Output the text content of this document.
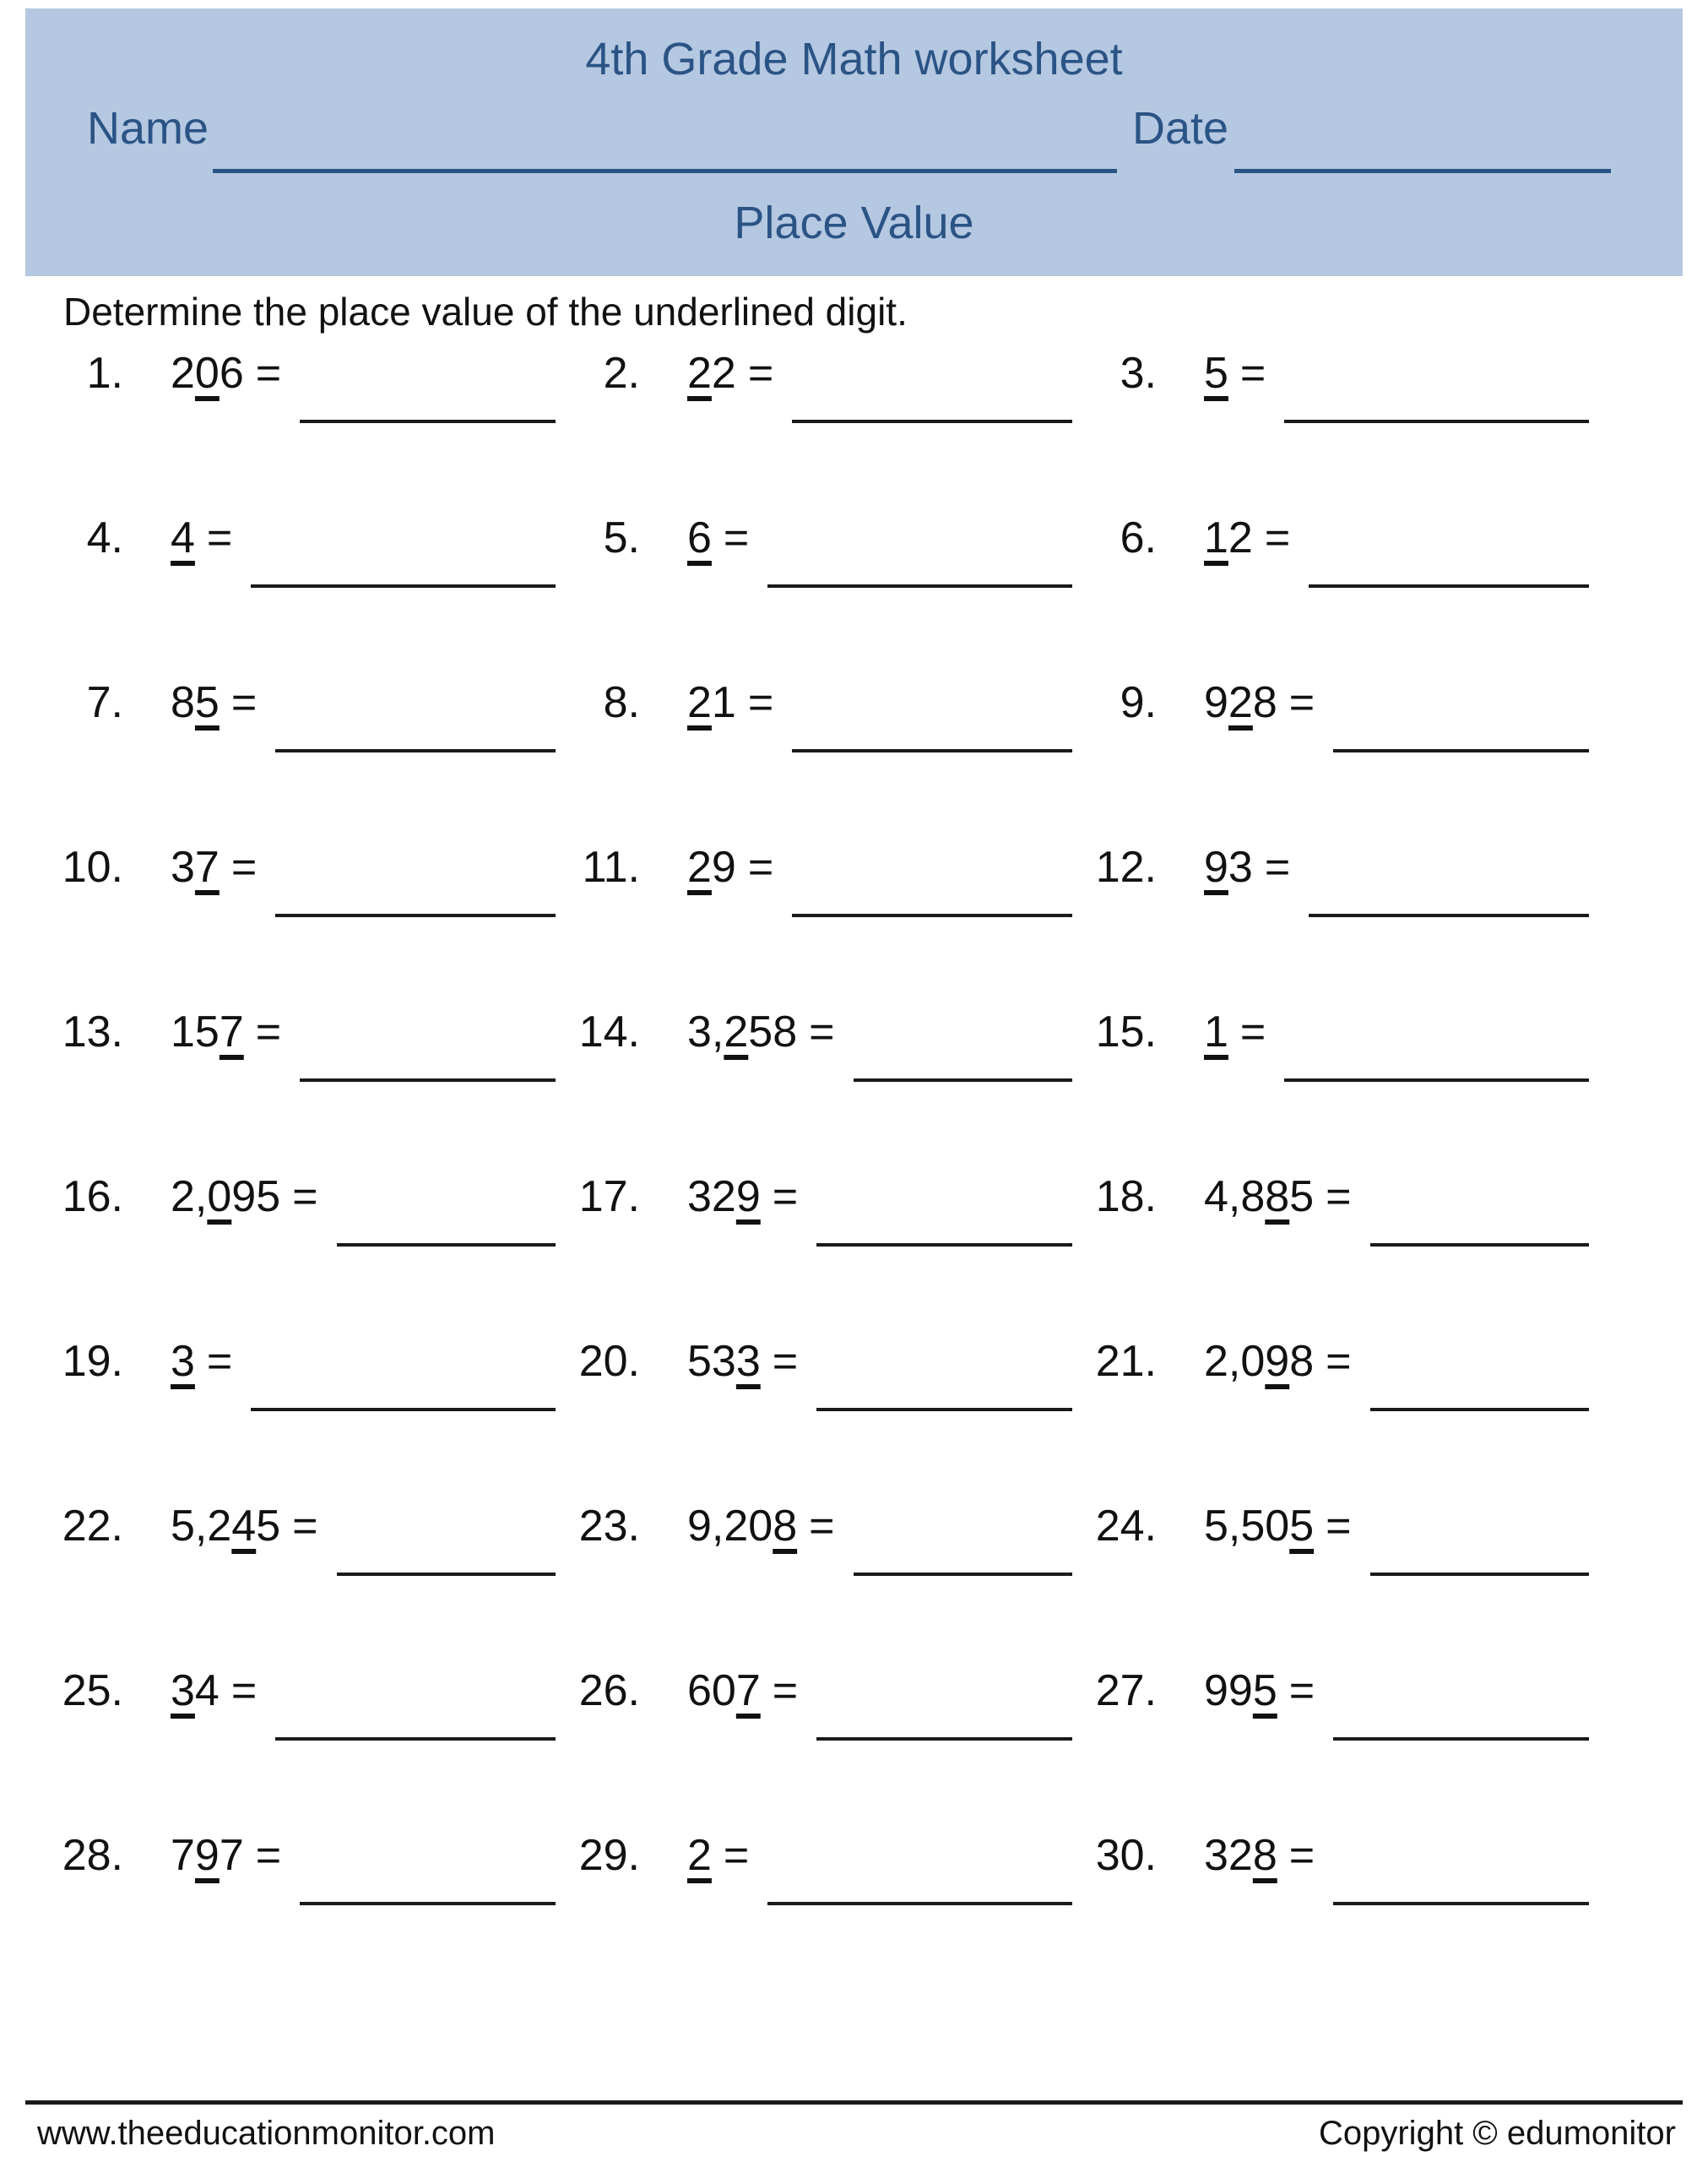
4th Grade Math worksheet
Name	Date
Place Value
Determine the place value of the underlined digit.
1. 206 =	2. 22 =	3. 5 =
4. 4 =	5. 6 =	6. 12 =
7. 85 =	8. 21 =	9. 928 =
10. 37 =	11. 29 =	12. 93 =
13. 157 =	14. 3,258 =	15. 1 =
16. 2,095 =	17. 329 =	18. 4,885 =
19. 3 =	20. 533 =	21. 2,098 =
22. 5,245 =	23. 9,208 =	24. 5,505 =
25. 34 =	26. 607 =	27. 995 =
28. 797 =	29. 2 =	30. 328 =
www.theeducationmonitor.com	Copyright © edumonitor
